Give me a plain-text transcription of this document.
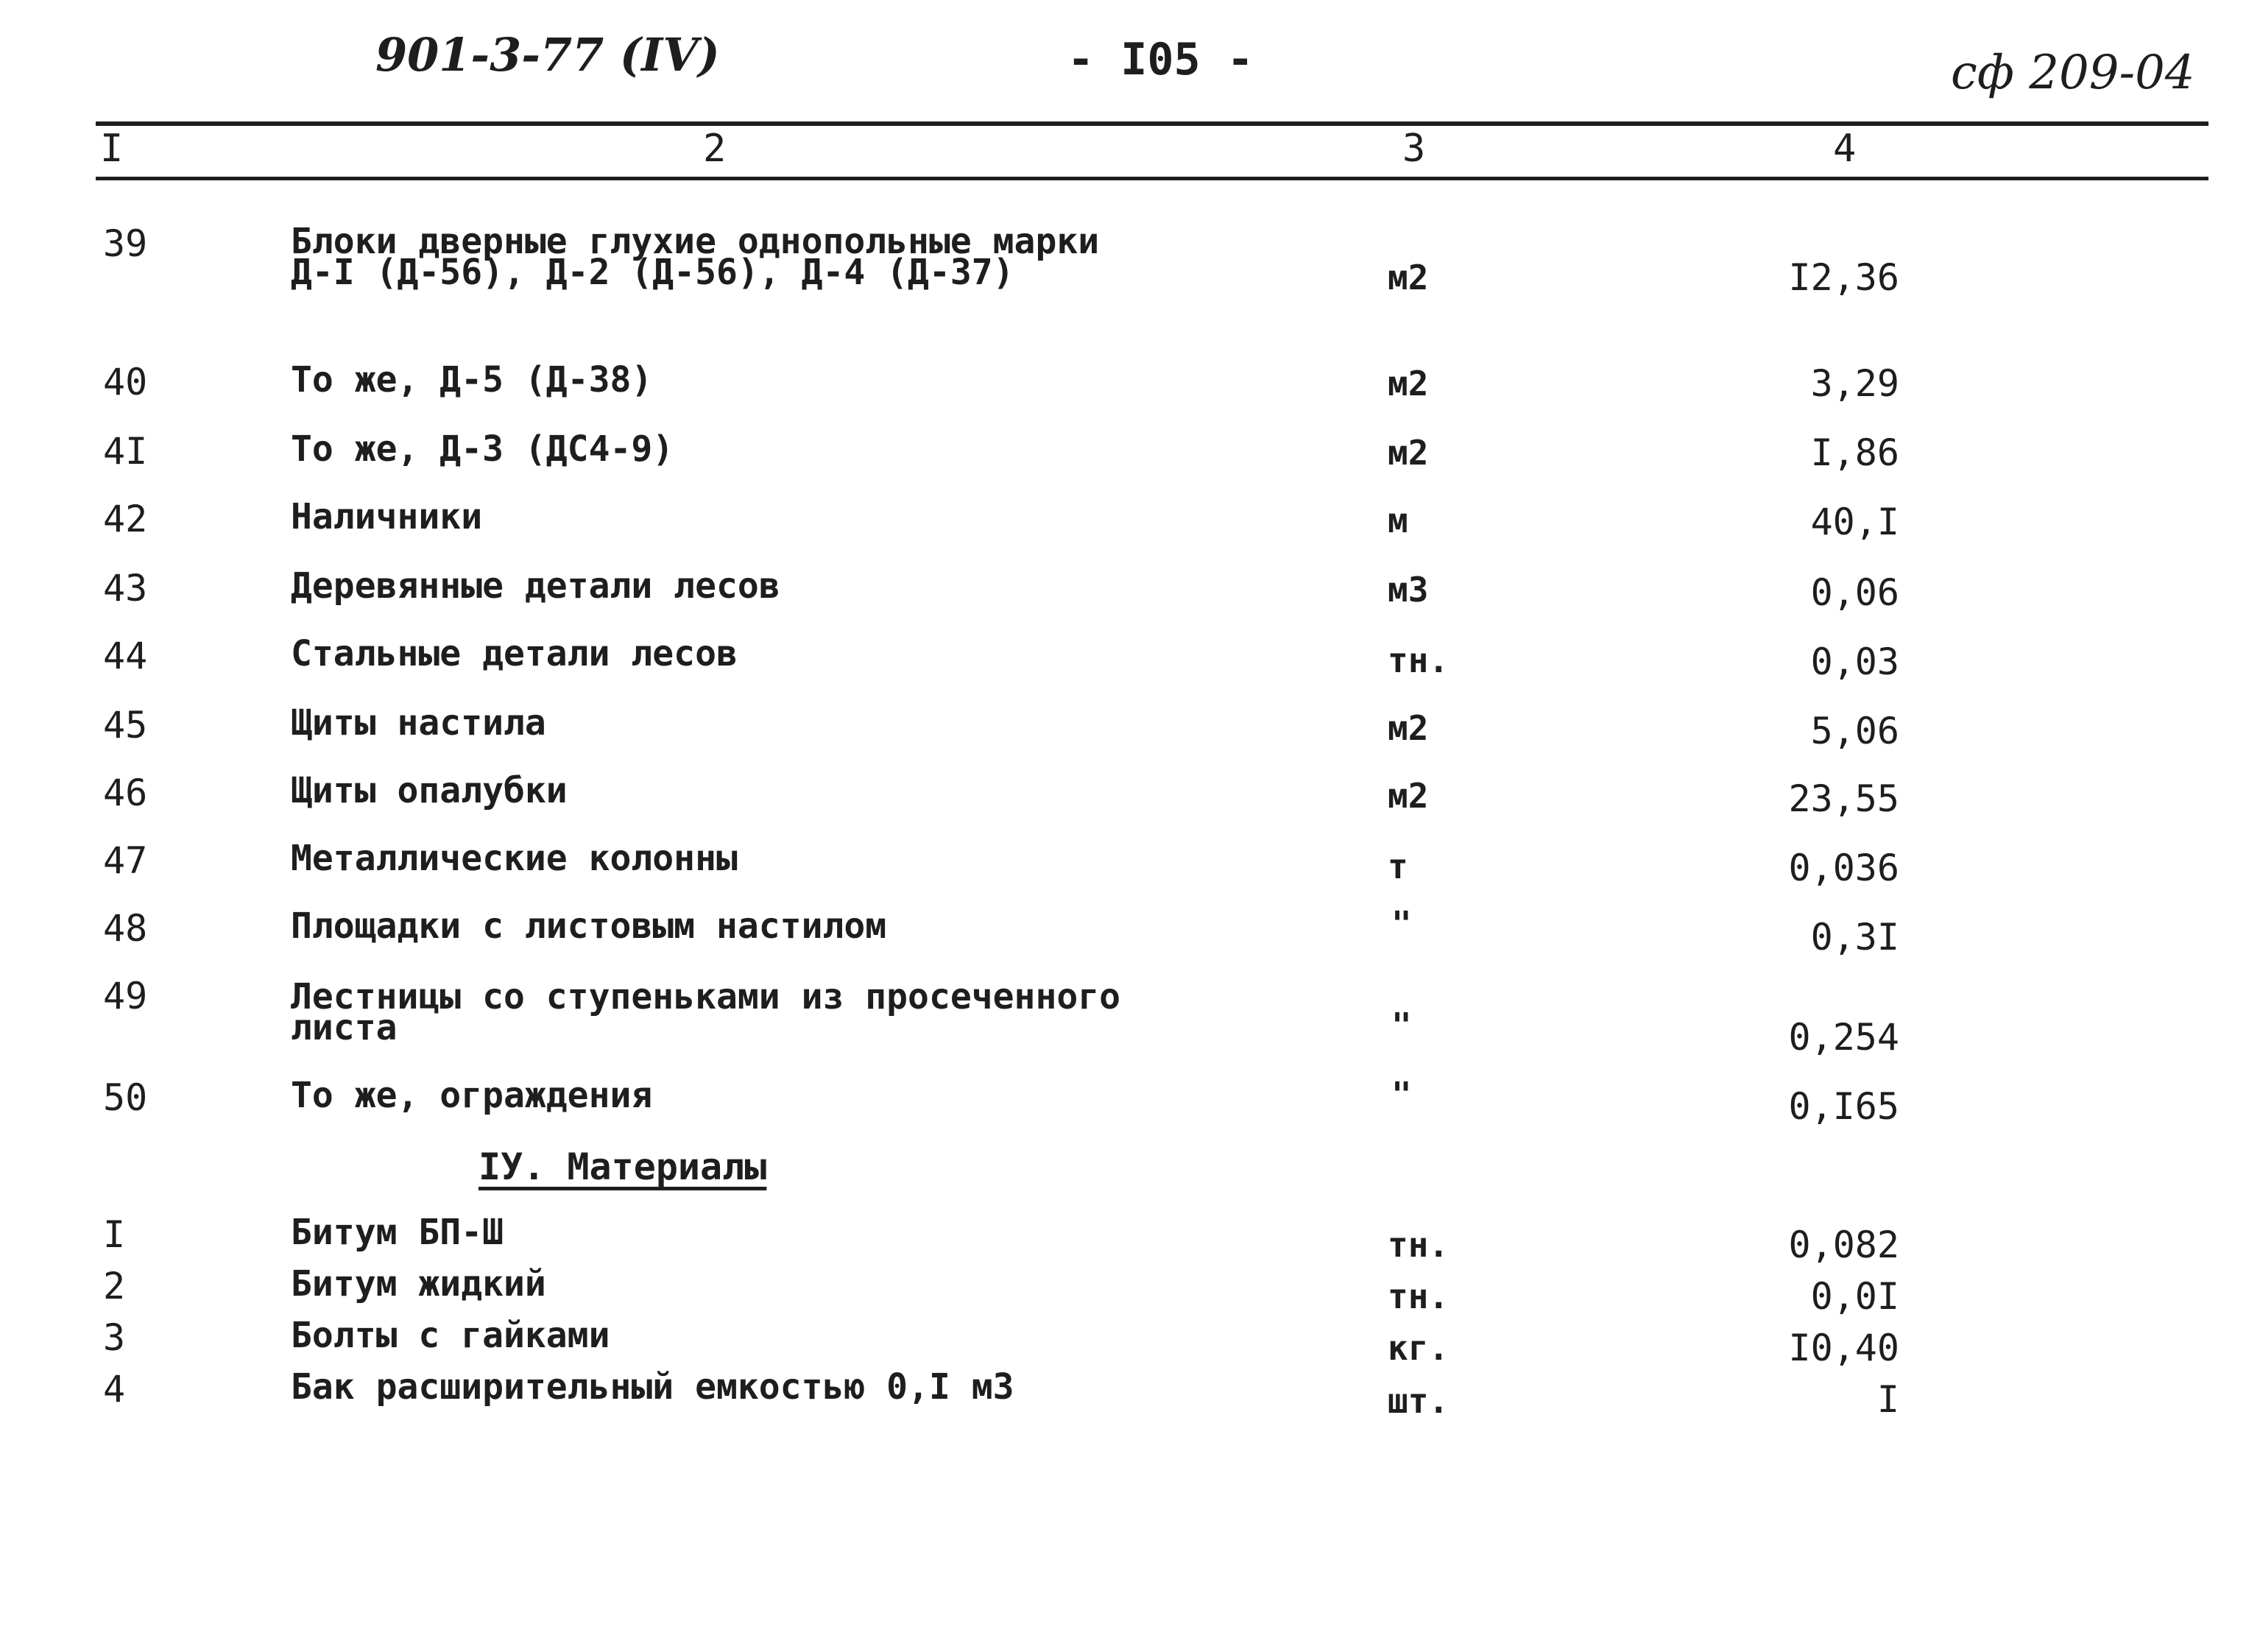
901-3-77 (IV)	- I05 -	сф 209-04
I	2	3	4
39	Блоки дверные глухие однопольные марки
Д-I (Д-56), Д-2 (Д-56), Д-4 (Д-37)	м2	I2,36
40	То же, Д-5 (Д-38)	м2	3,29
4I	То же, Д-3 (ДС4-9)	м2	I,86
42	Наличники	м	40,I
43	Деревянные детали лесов	м3	0,06
44	Стальные детали лесов	тн.	0,03
45	Щиты настила	м2	5,06
46	Щиты опалубки	м2	23,55
47	Металлические колонны	т	0,036
48	Площадки с листовым настилом	"	0,3I
49	Лестницы со ступеньками из просеченного
листа	"	0,254
50	То же, ограждения	"	0,I65
IУ. Материалы
I	Битум БП-Ш	тн.	0,082
2	Битум жидкий	тн.	0,0I
3	Болты с гайками	кг.	I0,40
4	Бак расширительный емкостью 0,I м3	шт.	I
